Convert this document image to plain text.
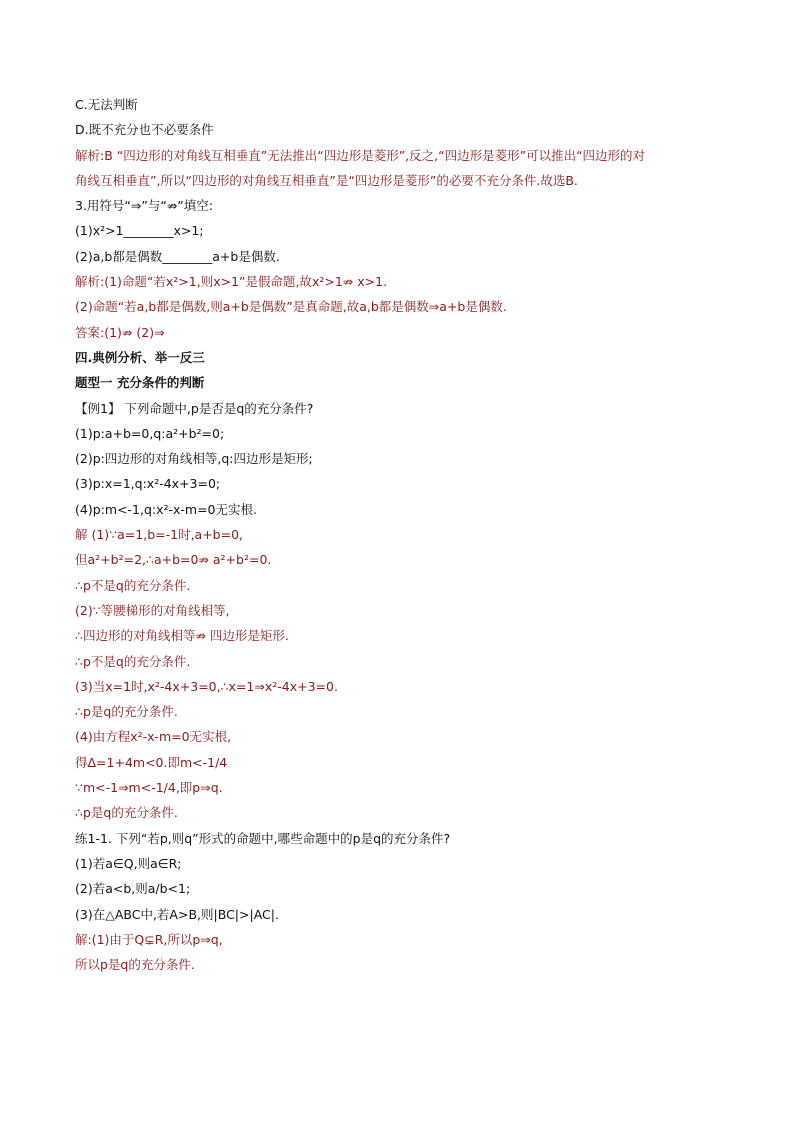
C.无法判断
D.既不充分也不必要条件
解析:B “四边形的对角线互相垂直”无法推出“四边形是菱形”,反之,“四边形是菱形”可以推出“四边形的对
角线互相垂直”,所以“四边形的对角线互相垂直”是“四边形是菱形”的必要不充分条件.故选B.
3.用符号“⇒”与“⇏”填空:
(1)x²>1________x>1;
(2)a,b都是偶数________a+b是偶数.
解析:(1)命题“若x²>1,则x>1”是假命题,故x²>1⇏ x>1.
(2)命题“若a,b都是偶数,则a+b是偶数”是真命题,故a,b都是偶数⇒a+b是偶数.
答案:(1)⇏ (2)⇒
四.典例分析、举一反三
题型一 充分条件的判断
【例1】 下列命题中,p是否是q的充分条件?
(1)p:a+b=0,q:a²+b²=0;
(2)p:四边形的对角线相等,q:四边形是矩形;
(3)p:x=1,q:x²-4x+3=0;
(4)p:m<-1,q:x²-x-m=0无实根.
解 (1)∵a=1,b=-1时,a+b=0,
但a²+b²=2,∴a+b=0⇏ a²+b²=0.
∴p不是q的充分条件.
(2)∵等腰梯形的对角线相等,
∴四边形的对角线相等⇏ 四边形是矩形.
∴p不是q的充分条件.
(3)当x=1时,x²-4x+3=0,∴x=1⇒x²-4x+3=0.
∴p是q的充分条件.
(4)由方程x²-x-m=0无实根,
得Δ=1+4m<0.即m<-1/4
∵m<-1⇒m<-1/4,即p⇒q.
∴p是q的充分条件.
练1-1. 下列“若p,则q”形式的命题中,哪些命题中的p是q的充分条件?
(1)若a∈Q,则a∈R;
(2)若a<b,则a/b<1;
(3)在△ABC中,若A>B,则|BC|>|AC|.
解:(1)由于Q⊊R,所以p⇒q,
所以p是q的充分条件.
